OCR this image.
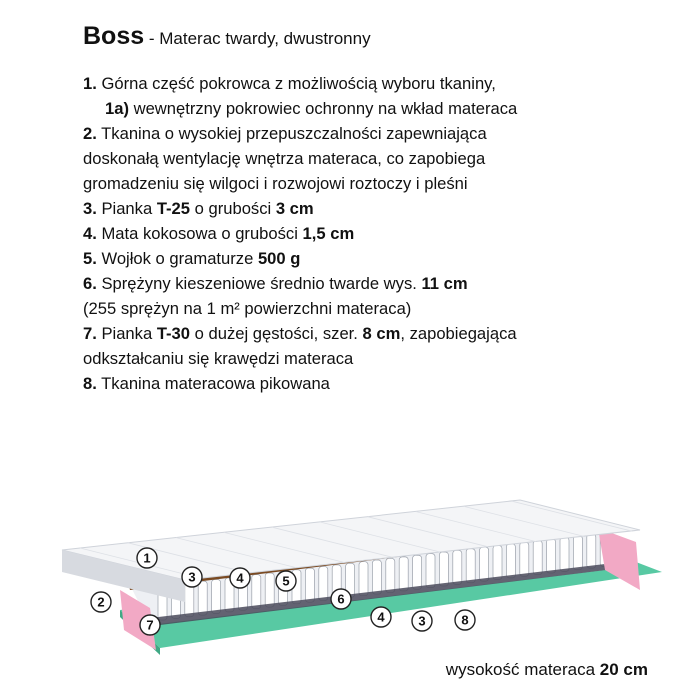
Boss - Materac twardy, dwustronny
1. Górna część pokrowca z możliwością wyboru tkaniny,
1a) wewnętrzny pokrowiec ochronny na wkład materaca
2. Tkanina o wysokiej przepuszczalności zapewniająca
doskonałą wentylację wnętrza materaca, co zapobiega
gromadzeniu się wilgoci i rozwojowi roztoczy i pleśni
3. Pianka T-25 o grubości 3 cm
4. Mata kokosowa o grubości 1,5 cm
5. Wojłok o gramaturze 500 g
6. Sprężyny kieszeniowe średnio twarde wys. 11 cm
(255 sprężyn na 1 m² powierzchni materaca)
7. Pianka T-30 o dużej gęstości, szer. 8 cm, zapobiegająca
odkształcaniu się krawędzi materaca
8. Tkanina materacowa pikowana
1
3	4	5
2
7
6
4	3	8
wysokość materaca 20 cm
